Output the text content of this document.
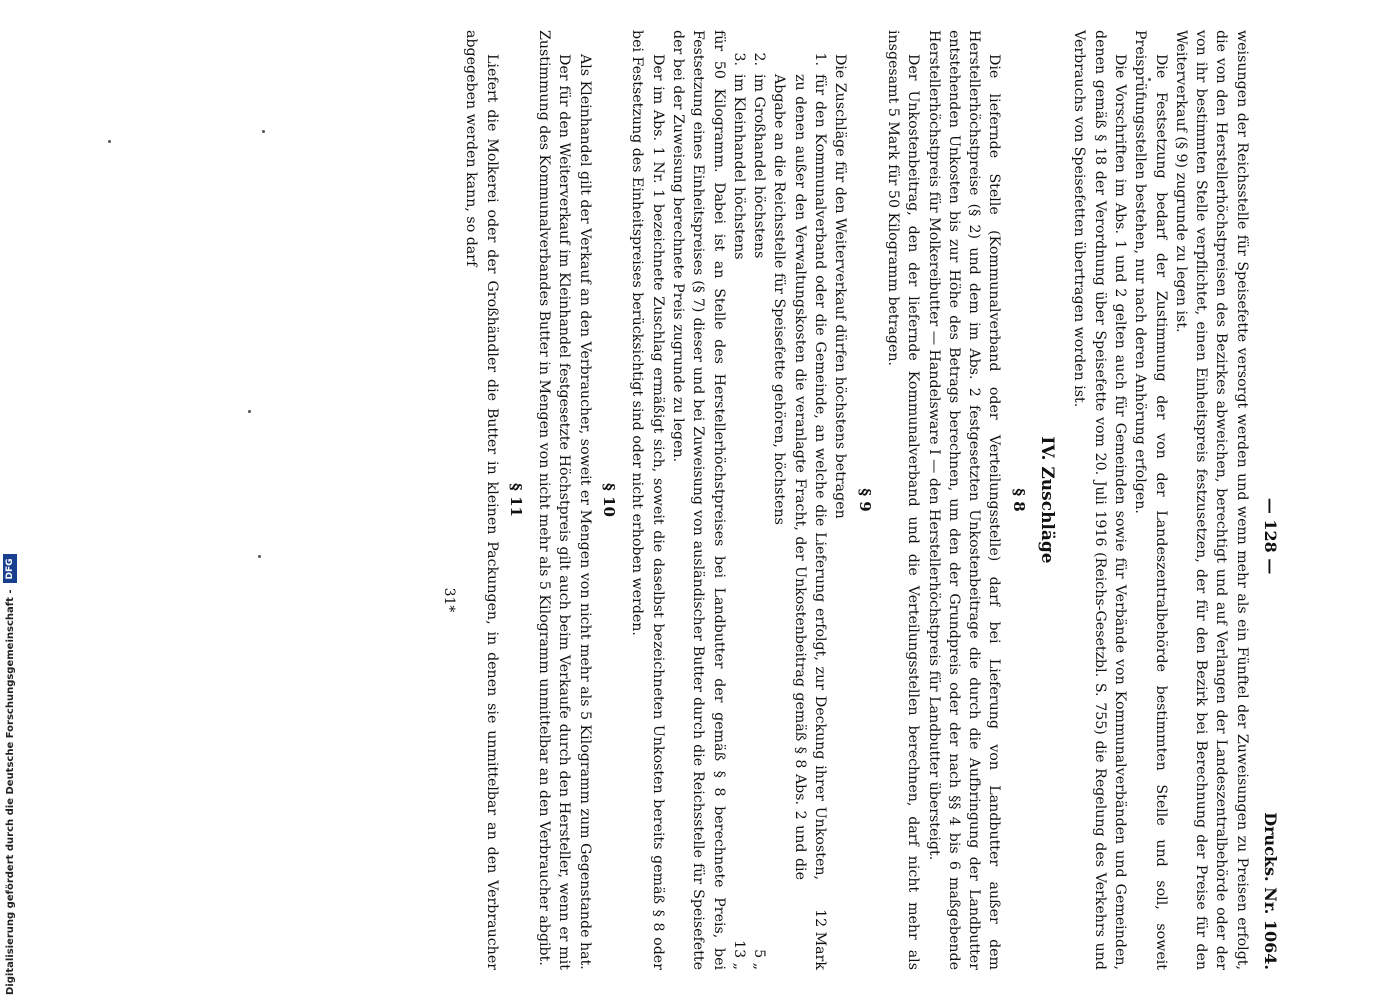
— 128 —
Drucks. Nr. 1064.

weisungen der Reichsstelle für Speisefette versorgt werden und wenn mehr als ein Fünftel der Zuweisungen zu Preisen erfolgt, die von den Herstellerhöchstpreisen des Bezirkes abweichen, berechtigt und auf Verlangen der Landeszentralbehörde oder der von ihr bestimmten Stelle verpflichtet, einen Einheitspreis festzusetzen, der für den Bezirk bei Berechnung der Preise für den Weiterverkauf (§ 9) zugrunde zu legen ist.

Die Festsetzung bedarf der Zustimmung der von der Landeszentralbehörde bestimmten Stelle und soll, soweit Preisprüfungsstellen bestehen, nur nach deren Anhörung erfolgen.

Die Vorschriften im Abs. 1 und 2 gelten auch für Gemeinden sowie für Verbände von Kommunalverbänden und Gemeinden, denen gemäß § 18 der Verordnung über Speisefette vom 20. Juli 1916 (Reichs-Gesetzbl. S. 755) die Regelung des Verkehrs und Verbrauchs von Speisefetten übertragen worden ist.

IV. Zuschläge
§ 8

Die liefernde Stelle (Kommunalverband oder Verteilungsstelle) darf bei Lieferung von Landbutter außer dem Herstellerhöchstpreise (§ 2) und dem im Abs. 2 festgesetzten Unkostenbeitrage die durch die Aufbringung der Landbutter entstehenden Unkosten bis zur Höhe des Betrags berechnen, um den der Grundpreis oder der nach §§ 4 bis 6 maßgebende Herstellerhöchstpreis für Molkereibutter — Handelsware I — den Herstellerhöchstpreis für Landbutter übersteigt.

Der Unkostenbeitrag, den der liefernde Kommunalverband und die Verteilungsstellen berechnen, darf nicht mehr als insgesamt 5 Mark für 50 Kilogramm betragen.

§ 9

Die Zuschläge für den Weiterverkauf dürfen höchstens betragen

1.
für den Kommunalverband oder die Gemeinde, an welche die Lieferung erfolgt, zur Deckung ihrer Unkosten, zu denen außer den Verwaltungskosten die veranlagte Fracht, der Unkostenbeitrag gemäß § 8 Abs. 2 und die Abgabe an die Reichsstelle für Speisefette gehören, höchstens
12 Mark
2.
im Großhandel höchstens
5 „
3.
im Kleinhandel höchstens
13 „

für 50 Kilogramm. Dabei ist an Stelle des Herstellerhöchstpreises bei Landbutter der gemäß § 8 berechnete Preis, bei Festsetzung eines Einheitspreises (§ 7) dieser und bei Zuweisung von ausländischer Butter durch die Reichsstelle für Speisefette der bei der Zuweisung berechnete Preis zugrunde zu legen.

Der im Abs. 1 Nr. 1 bezeichnete Zuschlag ermäßigt sich, soweit die daselbst bezeichneten Unkosten bereits gemäß § 8 oder bei Festsetzung des Einheitspreises berücksichtigt sind oder nicht erhoben werden.

§ 10

Als Kleinhandel gilt der Verkauf an den Verbraucher, soweit er Mengen von nicht mehr als 5 Kilogramm zum Gegenstande hat.

Der für den Weiterverkauf im Kleinhandel festgesetzte Höchstpreis gilt auch beim Verkaufe durch den Hersteller, wenn er mit Zustimmung des Kommunalverbandes Butter in Mengen von nicht mehr als 5 Kilogramm unmittelbar an den Verbraucher abgibt.

§ 11

Liefert die Molkerei oder der Großhändler die Butter in kleinen Packungen, in denen sie unmittelbar an den Verbraucher abgegeben werden kann, so darf

31*
Digitalisierung gefördert durch die Deutsche Forschungsgemeinschaft -
DFG
